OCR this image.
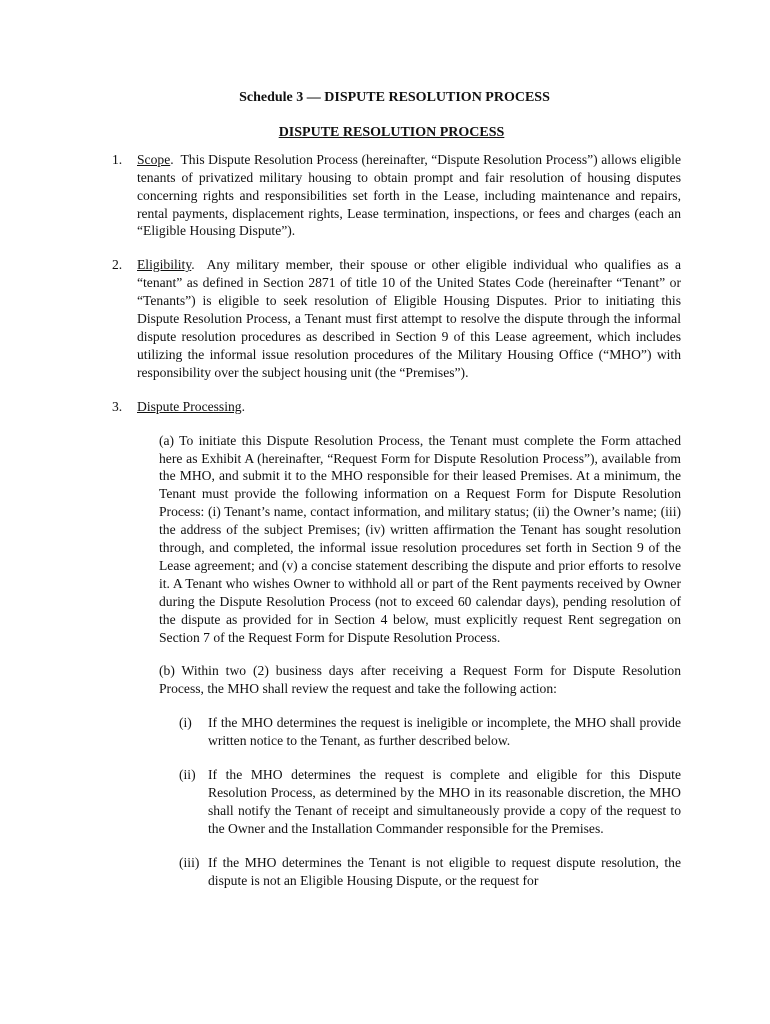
Schedule 3 — DISPUTE RESOLUTION PROCESS
DISPUTE RESOLUTION PROCESS
1. Scope.  This Dispute Resolution Process (hereinafter, “Dispute Resolution Process”) allows eligible tenants of privatized military housing to obtain prompt and fair resolution of housing disputes concerning rights and responsibilities set forth in the Lease, including maintenance and repairs, rental payments, displacement rights, Lease termination, inspections, or fees and charges (each an “Eligible Housing Dispute”).
2. Eligibility.  Any military member, their spouse or other eligible individual who qualifies as a “tenant” as defined in Section 2871 of title 10 of the United States Code (hereinafter “Tenant” or “Tenants”) is eligible to seek resolution of Eligible Housing Disputes. Prior to initiating this Dispute Resolution Process, a Tenant must first attempt to resolve the dispute through the informal dispute resolution procedures as described in Section 9 of this Lease agreement, which includes utilizing the informal issue resolution procedures of the Military Housing Office (“MHO”) with responsibility over the subject housing unit (the “Premises”).
3. Dispute Processing.
(a) To initiate this Dispute Resolution Process, the Tenant must complete the Form attached here as Exhibit A (hereinafter, “Request Form for Dispute Resolution Process”), available from the MHO, and submit it to the MHO responsible for their leased Premises. At a minimum, the Tenant must provide the following information on a Request Form for Dispute Resolution Process: (i) Tenant’s name, contact information, and military status; (ii) the Owner’s name; (iii) the address of the subject Premises; (iv) written affirmation the Tenant has sought resolution through, and completed, the informal issue resolution procedures set forth in Section 9 of the Lease agreement; and (v) a concise statement describing the dispute and prior efforts to resolve it. A Tenant who wishes Owner to withhold all or part of the Rent payments received by Owner during the Dispute Resolution Process (not to exceed 60 calendar days), pending resolution of the dispute as provided for in Section 4 below, must explicitly request Rent segregation on Section 7 of the Request Form for Dispute Resolution Process.
(b) Within two (2) business days after receiving a Request Form for Dispute Resolution Process, the MHO shall review the request and take the following action:
(i) If the MHO determines the request is ineligible or incomplete, the MHO shall provide written notice to the Tenant, as further described below.
(ii) If the MHO determines the request is complete and eligible for this Dispute Resolution Process, as determined by the MHO in its reasonable discretion, the MHO shall notify the Tenant of receipt and simultaneously provide a copy of the request to the Owner and the Installation Commander responsible for the Premises.
(iii) If the MHO determines the Tenant is not eligible to request dispute resolution, the dispute is not an Eligible Housing Dispute, or the request for
